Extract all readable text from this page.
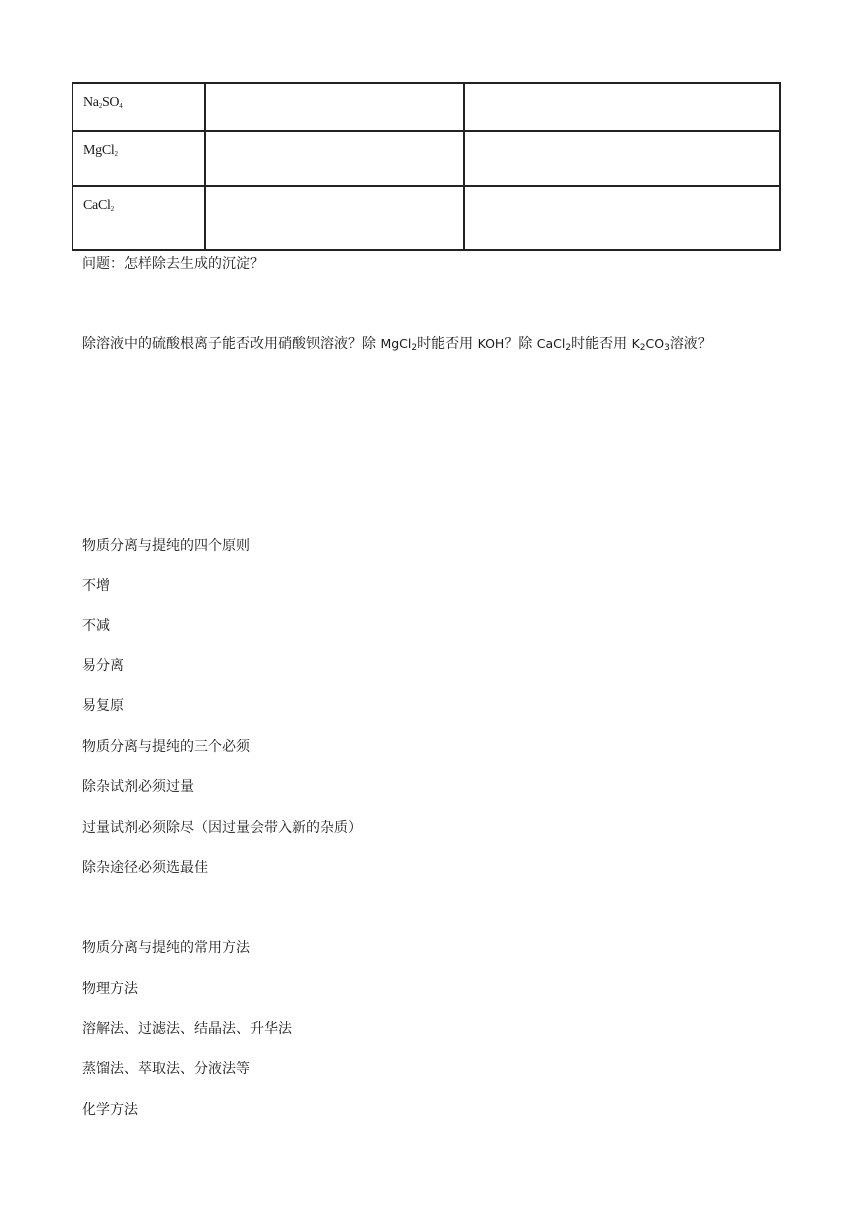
$Na_2SO_4$		
MgCl$_2$		
CaCl$_2$		
问题：怎样除去生成的沉淀？
除溶液中的硫酸根离子能否改用硝酸钡溶液？除 MgCl$_2$时能否用 KOH？除 CaCl$_2$时能否用 $K_2CO_3$溶液？
物质分离与提纯的四个原则
不增
不减
易分离
易复原
物质分离与提纯的三个必须
除杂试剂必须过量
过量试剂必须除尽（因过量会带入新的杂质）
除杂途径必须选最佳
物质分离与提纯的常用方法
物理方法
溶解法、过滤法、结晶法、升华法
蒸馏法、萃取法、分液法等
化学方法
